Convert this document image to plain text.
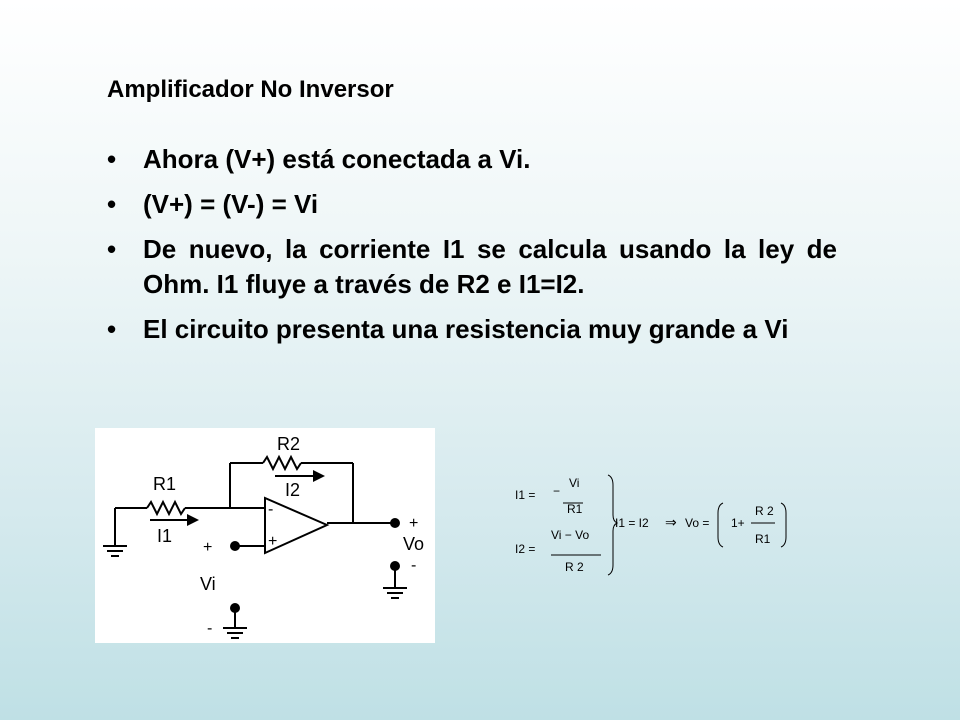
Amplificador No Inversor
• Ahora (V+) está conectada a Vi.
• (V+) = (V-) = Vi
• De nuevo, la corriente I1 se calcula usando la ley de Ohm. I1 fluye a través de R2 e I1=I2.
• El circuito presenta una resistencia muy grande a Vi
R2
I2
R1
I1
-
+
+
Vi
-
+
Vo
-
I1 = −
Vi
R1
I2 =
Vi − Vo
R 2
I1 = I2 ⇒ Vo = 1+
R 2
R1
